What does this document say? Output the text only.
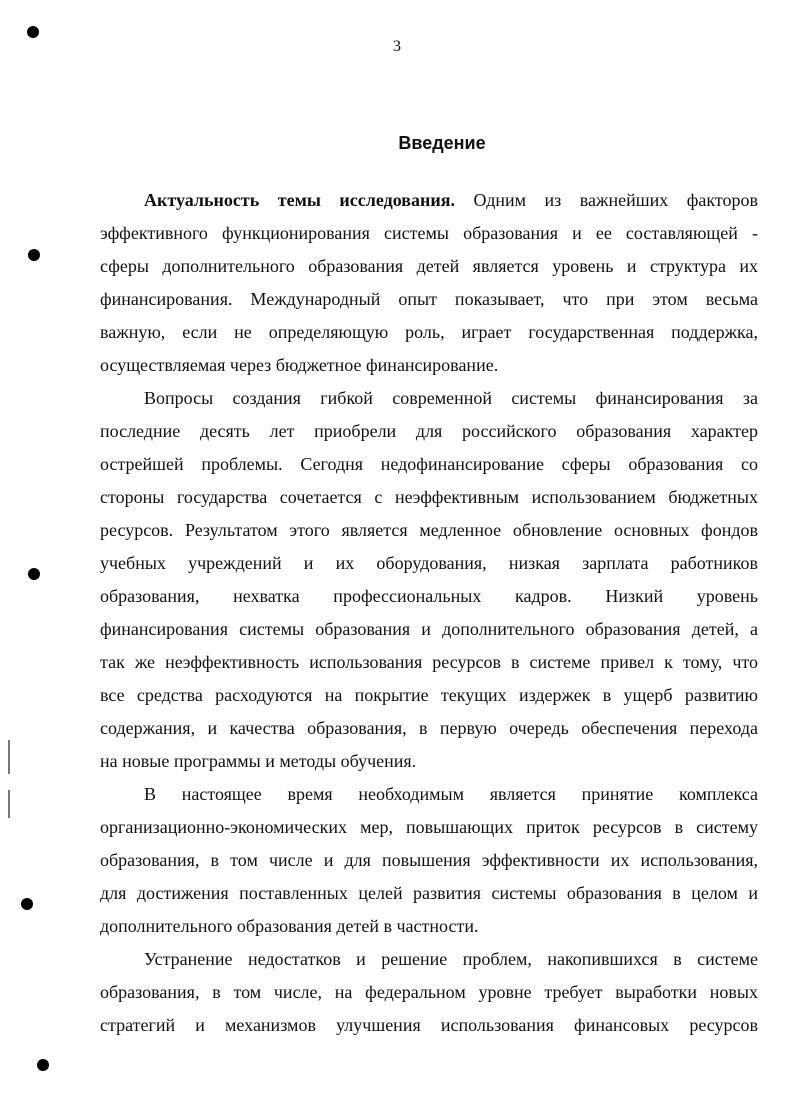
3
Введение
Актуальность темы исследования. Одним из важнейших факторов
эффективного функционирования системы образования и ее составляющей -
сферы дополнительного образования детей является уровень и структура их
финансирования. Международный опыт показывает, что при этом весьма
важную, если не определяющую роль, играет государственная поддержка,
осуществляемая через бюджетное финансирование.
Вопросы создания гибкой современной системы финансирования за
последние десять лет приобрели для российского образования характер
острейшей проблемы. Сегодня недофинансирование сферы образования со
стороны государства сочетается с неэффективным использованием бюджетных
ресурсов. Результатом этого является медленное обновление основных фондов
учебных учреждений и их оборудования, низкая зарплата работников
образования, нехватка профессиональных кадров. Низкий уровень
финансирования системы образования и дополнительного образования детей, а
так же неэффективность использования ресурсов в системе привел к тому, что
все средства расходуются на покрытие текущих издержек в ущерб развитию
содержания, и качества образования, в первую очередь обеспечения перехода
на новые программы и методы обучения.
В настоящее время необходимым является принятие комплекса
организационно-экономических мер, повышающих приток ресурсов в систему
образования, в том числе и для повышения эффективности их использования,
для достижения поставленных целей развития системы образования в целом и
дополнительного образования детей в частности.
Устранение недостатков и решение проблем, накопившихся в системе
образования, в том числе, на федеральном уровне требует выработки новых
стратегий и механизмов улучшения использования финансовых ресурсов
